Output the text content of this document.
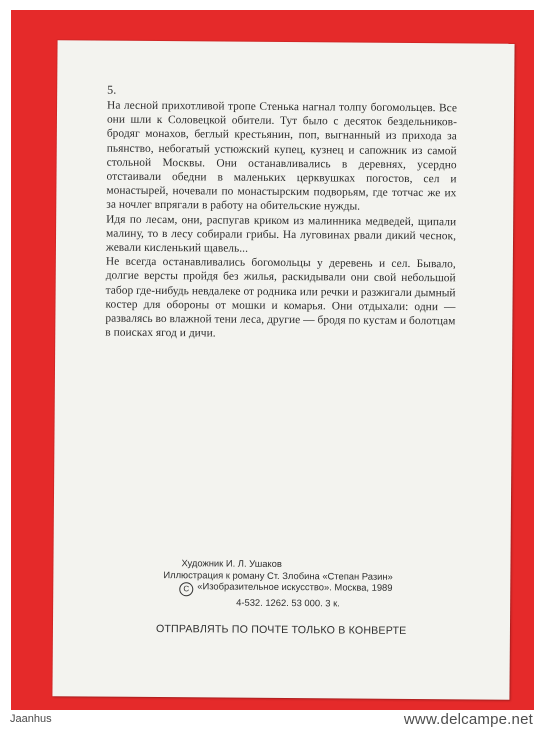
5.

На лесной прихотливой тропе Стенька нагнал толпу богомольцев. Все они шли к Соловецкой обители. Тут было с десяток бездельников-бродяг монахов, беглый крестьянин, поп, выгнанный из прихода за пьянство, небогатый устюжский купец, кузнец и сапожник из самой стольной Москвы. Они останавливались в деревнях, усердно отстаивали обедни в маленьких церквушках погостов, сел и монастырей, ночевали по монастырским подворьям, где тотчас же их за ночлег впрягали в работу на обительские нужды.

Идя по лесам, они, распугав криком из малинника медведей, щипали малину, то в лесу собирали грибы. На луговинах рвали дикий чеснок, жевали кисленький щавель...

Не всегда останавливались богомольцы у деревень и сел. Бывало, долгие версты пройдя без жилья, раскидывали они свой небольшой табор где-нибудь невдалеке от родника или речки и разжигали дымный костер для обороны от мошки и комарья. Они отдыхали: одни — развалясь во влажной тени леса, другие — бродя по кустам и болотцам в поисках ягод и дичи.

Художник И. Л. Ушаков
Иллюстрация к роману Ст. Злобина «Степан Разин»
C «Изобразительное искусство». Москва, 1989
4-532. 1262. 53 000. 3 к.
ОТПРАВЛЯТЬ ПО ПОЧТЕ ТОЛЬКО В КОНВЕРТЕ
Jaanhus	www.delcampe.net
